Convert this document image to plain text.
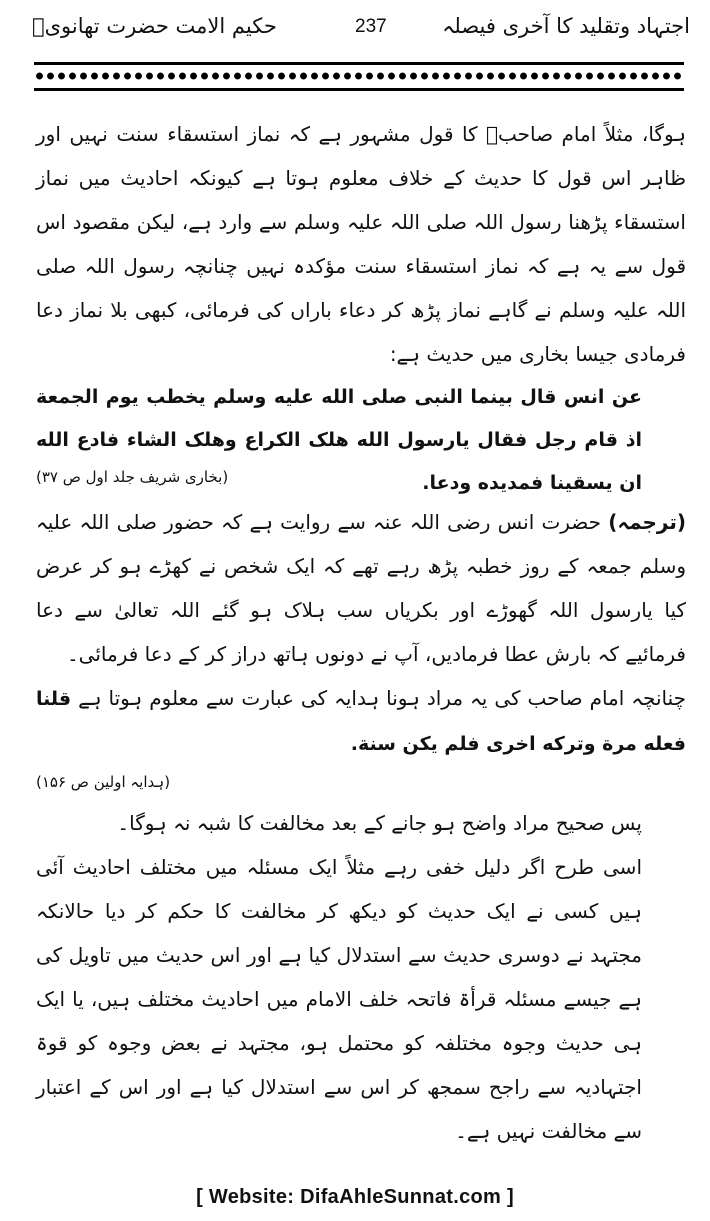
اجتہاد وتقلید کا آخری فیصلہ
237
حکیم الامت حضرت تھانویؒ

ہوگا، مثلاً امام صاحبؒ کا قول مشہور ہے کہ نماز استسقاء سنت نہیں اور ظاہر اس قول کا حدیث کے خلاف معلوم ہوتا ہے کیونکہ احادیث میں نماز استسقاء پڑھنا رسول اللہ صلی اللہ علیہ وسلم سے وارد ہے، لیکن مقصود اس قول سے یہ ہے کہ نماز استسقاء سنت مؤکدہ نہیں چنانچہ رسول اللہ صلی اللہ علیہ وسلم نے گاہے نماز پڑھ کر دعاء باراں کی فرمائی، کبھی بلا نماز دعا فرمادی جیسا بخاری میں حدیث ہے:

عن انس قال بينما النبی صلی الله عليه وسلم يخطب يوم الجمعة اذ قام رجل فقال يارسول الله هلک الکراع وهلک الشاء فادع الله ان يسقينا فمديده ودعا.

(بخاری شریف جلد اول ص ۳۷)

(ترجمہ) حضرت انس رضی اللہ عنہ سے روایت ہے کہ حضور صلی اللہ علیہ وسلم جمعہ کے روز خطبہ پڑھ رہے تھے کہ ایک شخص نے کھڑے ہو کر عرض کیا یارسول اللہ گھوڑے اور بکریاں سب ہلاک ہو گئے اللہ تعالیٰ سے دعا فرمائیے کہ بارش عطا فرمادیں، آپ نے دونوں ہاتھ دراز کر کے دعا فرمائی۔

چنانچہ امام صاحب کی یہ مراد ہونا ہدایہ کی عبارت سے معلوم ہوتا ہے قلنا فعله مرة وترکه اخری فلم يکن سنة.

(ہدایہ اولین ص ۱۵۶)

پس صحیح مراد واضح ہو جانے کے بعد مخالفت کا شبہ نہ ہوگا۔

اسی طرح اگر دلیل خفی رہے مثلاً ایک مسئلہ میں مختلف احادیث آئی ہیں کسی نے ایک حدیث کو دیکھ کر مخالفت کا حکم کر دیا حالانکہ مجتہد نے دوسری حدیث سے استدلال کیا ہے اور اس حدیث میں تاویل کی ہے جیسے مسئلہ قرأۃ فاتحہ خلف الامام میں احادیث مختلف ہیں، یا ایک ہی حدیث وجوہ مختلفہ کو محتمل ہو، مجتہد نے بعض وجوہ کو قوۃ اجتہادیہ سے راجح سمجھ کر اس سے استدلال کیا ہے اور اس کے اعتبار سے مخالفت نہیں ہے۔

[ Website: DifaAhleSunnat.com ]
